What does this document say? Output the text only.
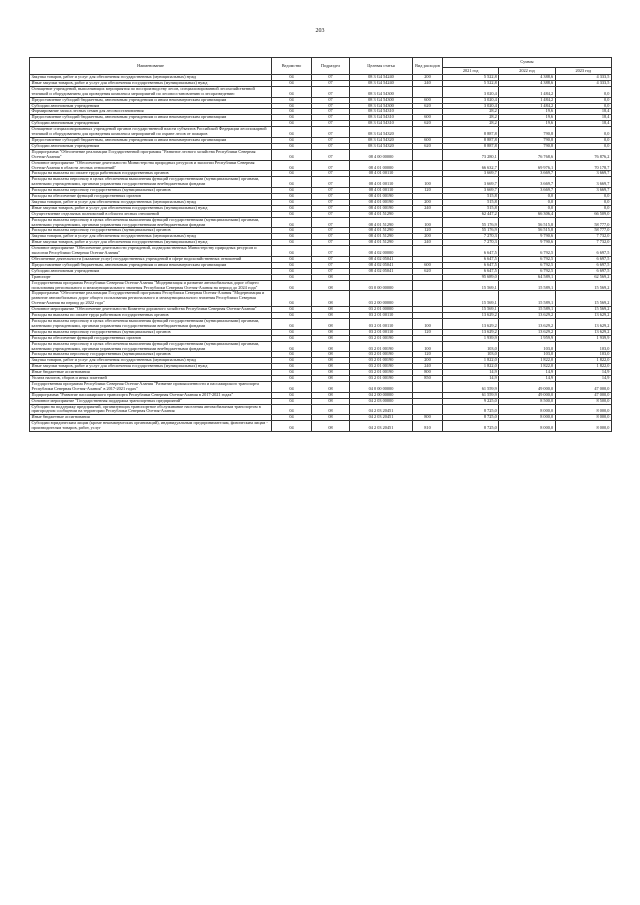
203
Наименование	Ведомство	Подраздел	Целевая статья	Вид расходов	Суммы		
					2021 год	2022 год	2023 год
Закупка товаров, работ и услуг для обеспечения государственных (муниципальных) нужд	04	07	08 3 G4 54240	200	5 522,8	4 388,6	4 333,5
Иные закупки товаров, работ и услуг для обеспечения государственных (муниципальных) нужд	04	07	08 3 G4 54240	240	5 522,8	4 388,6	4 333,5
Оснащение учреждений, выполняющих мероприятия по воспроизводству лесов, специализированной лесохозяйственной техникой и оборудованием для проведения комплекса мероприятий по лесовосстановлению и лесоразведению	04	07	08 3 G4 54300		3 020,4	1 484,2	0,0
Предоставление субсидий бюджетным, автономным учреждениям и иным некоммерческим организациям	04	07	08 3 G4 54300	600	3 020,4	1 484,2	0,0
Субсидии автономным учреждениям	04	07	08 3 G4 54300	620	3 020,4	1 484,2	0,0
Формирование запаса лесных семян для лесовосстановления	04	07	08 3 G4 54310		28,2	19,6	18,4
Предоставление субсидий бюджетным, автономным учреждениям и иным некоммерческим организациям	04	07	08 3 G4 54310	600	28,2	19,6	18,4
Субсидии автономным учреждениям	04	07	08 3 G4 54310	620	28,2	19,6	18,4
Оснащение специализированных учреждений органов государственной власти субъектов Российской Федерации лесопожарной техникой и оборудованием для проведения комплекса мероприятий по охране лесов от пожаров	04	07	08 3 G4 54320		8 887,8	790,8	0,0
Предоставление субсидий бюджетным, автономным учреждениям и иным некоммерческим организациям	04	07	08 3 G4 54320	600	8 887,8	790,8	0,0
Субсидии автономным учреждениям	04	07	08 3 G4 54320	620	8 887,8	790,8	0,0
Подпрограмма "Обеспечение реализации Государственной программы "Развитие лесного хозяйства Республики Северная Осетия-Алания"	04	07	08 4 00 00000		73 280,1	76 768,6	76 876,2
Основное мероприятие "Обеспечение деятельности Министерства природных ресурсов и экологии Республики Северная Осетия-Алания в области лесных отношений"	04	07	08 4 01 00000		66 632,7	69 976,1	70 178,7
Расходы на выплаты по оплате труда работников государственных органов	04	07	08 4 01 00110		3 669,7	3 669,7	3 669,7
Расходы на выплаты персоналу в целях обеспечения выполнения функций государственными (муниципальными) органами, казенными учреждениями, органами управления государственными внебюджетными фондами	04	07	08 4 01 00110	100	3 669,7	3 669,7	3 669,7
Расходы на выплаты персоналу государственных (муниципальных) органов	04	07	08 4 01 00110	120	3 669,7	3 669,7	3 669,7
Расходы на обеспечение функций государственных органов	04	07	08 4 01 00190		515,8	0,0	0,0
Закупка товаров, работ и услуг для обеспечения государственных (муниципальных) нужд	04	07	08 4 01 00190	200	515,8	0,0	0,0
Иные закупки товаров, работ и услуг для обеспечения государственных (муниципальных) нужд	04	07	08 4 01 00190	240	515,8	0,0	0,0
Осуществление отдельных полномочий в области лесных отношений	04	07	08 4 01 51290		62 447,2	66 306,4	66 509,0
Расходы на выплаты персоналу в целях обеспечения выполнения функций государственными (муниципальными) органами, казенными учреждениями, органами управления государственными внебюджетными фондами	04	07	08 4 01 51290	100	55 176,9	56 515,8	58 777,0
Расходы на выплаты персоналу государственных (муниципальных) органов	04	07	08 4 01 51290	120	55 176,9	56 515,8	58 777,0
Закупка товаров, работ и услуг для обеспечения государственных (муниципальных) нужд	04	07	08 4 01 51290	200	7 270,3	9 790,6	7 732,0
Иные закупки товаров, работ и услуг для обеспечения государственных (муниципальных) нужд	04	07	08 4 01 51290	240	7 270,3	9 790,6	7 732,0
Основное мероприятие "Обеспечение деятельности учреждений, подведомственных Министерству природных ресурсов и экологии Республики Северная Осетия-Алания"	04	07	08 4 02 00000		6 647,5	6 792,5	6 697,5
Обеспечение деятельности (оказание услуг) государственных учреждений в сфере водохозяйственных отношений	04	07	08 4 02 05041		6 647,5	6 792,5	6 697,5
Предоставление субсидий бюджетным, автономным учреждениям и иным некоммерческим организациям	04	07	08 4 02 05041	600	6 647,5	6 792,5	6 697,5
Субсидии автономным учреждениям	04	07	08 4 02 05041	620	6 647,5	6 792,5	6 697,5
Транспорт	04	08			95 689,0	64 589,1	62 569,2
Государственная программа Республики Северная Осетия-Алания "Модернизация и развитие автомобильных дорог общего пользования регионального и межмуниципального значения Республики Северная Осетия-Алания на период до 2024 года"	04	08	03 0 00 00000		15 569,1	15 589,1	15 569,2
Подпрограмма "Обеспечение реализации Государственной программы Республики Северная Осетия-Алания "Модернизация и развитие автомобильных дорог общего пользования регионального и межмуниципального значения Республики Северная Осетия-Алания на период до 2022 года"	04	08	03 2 00 00000		15 569,1	15 589,1	15 569,2
Основное мероприятие "Обеспечение деятельности Комитета дорожного хозяйства Республики Северная Осетия-Алания"	04	08	03 2 01 00000		15 569,1	15 589,1	15 569,2
Расходы на выплаты по оплате труда работников государственных органов	04	08	03 2 01 00110		13 629,2	13 629,2	13 629,2
Расходы на выплаты персоналу в целях обеспечения выполнения функций государственными (муниципальными) органами, казенными учреждениями, органами управления государственными внебюджетными фондами	04	08	03 2 01 00110	100	13 629,2	13 629,2	13 629,2
Расходы на выплаты персоналу государственных (муниципальных) органов	04	08	03 2 01 00110	120	13 629,2	13 629,2	13 629,2
Расходы на обеспечение функций государственных органов	04	08	03 2 01 00190		1 939,9	1 959,9	1 939,9
Расходы на выплаты персоналу в целях обеспечения выполнения функций государственными (муниципальными) органами, казенными учреждениями, органами управления государственными внебюджетными фондами	04	08	03 2 01 00190	100	103,0	103,0	103,0
Расходы на выплаты персоналу государственных (муниципальных) органов	04	08	03 2 01 00190	120	103,0	103,0	103,0
Закупка товаров, работ и услуг для обеспечения государственных (муниципальных) нужд	04	08	03 2 01 00190	200	1 822,0	1 822,0	1 822,0
Иные закупки товаров, работ и услуг для обеспечения государственных (муниципальных) нужд	04	08	03 2 01 00190	240	1 822,0	1 822,0	1 822,0
Иные бюджетные ассигнования	04	08	03 2 01 00190	800	14,9	14,9	14,9
Уплата налогов, сборов и иных платежей	04	08	03 2 01 00190	850	14,9	14,9	14,9
Государственная программа Республики Северная Осетия-Алания "Развитие промышленности и пассажирского транспорта Республики Северная Осетия-Алания" в 2017-2021 годах"	04	08	04 0 00 00000		61 559,9	49 000,0	47 000,0
Подпрограмма "Развитие пассажирского транспорта Республики Северная Осетия-Алания в 2017-2021 годах"	04	08	04 2 00 00000		61 559,9	49 000,0	47 000,0
Основное мероприятие "Государственная поддержка транспортных предприятий"	04	08	04 2 03 00000		9 225,0	8 500,0	8 500,0
Субсидии на поддержку предприятий, организующих транспортное обслуживание населения автомобильным транспортом в пригородном сообщении на территории Республики Северная Осетия-Алания	04	08	04 2 03 20451		8 725,0	8 000,0	8 000,0
Иные бюджетные ассигнования	04	08	04 2 03 20451	800	8 725,0	8 000,0	8 000,0
Субсидии юридическим лицам (кроме некоммерческих организаций), индивидуальным предпринимателям, физическим лицам - производителям товаров, работ, услуг	04	08	04 2 03 20451	810	8 725,0	8 000,0	8 000,0
